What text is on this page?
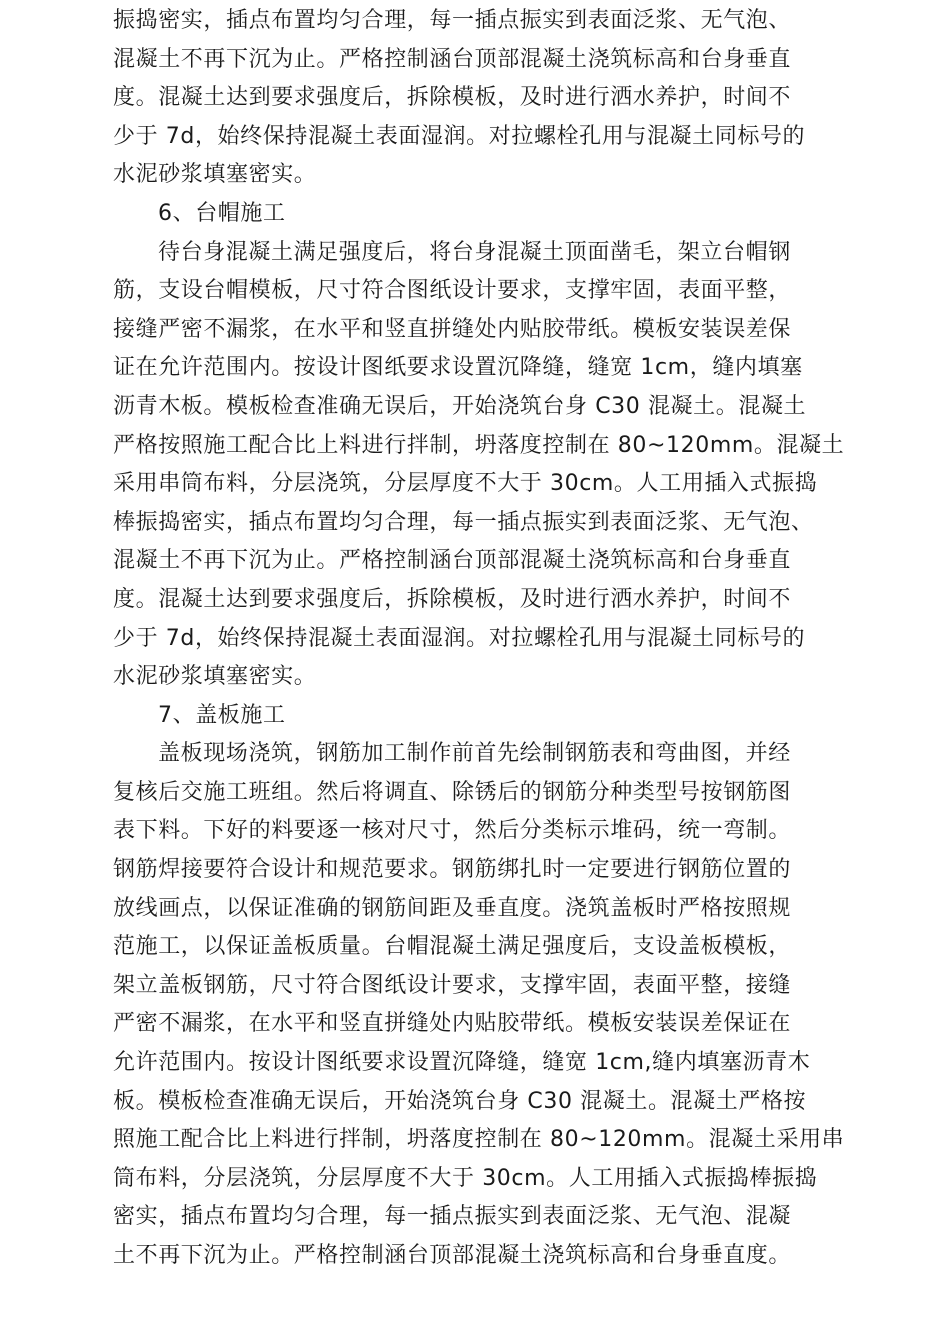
振捣密实，插点布置均匀合理，每一插点振实到表面泛浆、无气泡、
混凝土不再下沉为止。严格控制涵台顶部混凝土浇筑标高和台身垂直
度。混凝土达到要求强度后，拆除模板，及时进行洒水养护，时间不
少于 7d，始终保持混凝土表面湿润。对拉螺栓孔用与混凝土同标号的
水泥砂浆填塞密实。
6、台帽施工
待台身混凝土满足强度后，将台身混凝土顶面凿毛，架立台帽钢
筋，支设台帽模板，尺寸符合图纸设计要求，支撑牢固，表面平整，
接缝严密不漏浆，在水平和竖直拼缝处内贴胶带纸。模板安装误差保
证在允许范围内。按设计图纸要求设置沉降缝，缝宽 1cm，缝内填塞
沥青木板。模板检查准确无误后，开始浇筑台身 C30 混凝土。混凝土
严格按照施工配合比上料进行拌制，坍落度控制在 80~120mm。混凝土
采用串筒布料，分层浇筑，分层厚度不大于 30cm。人工用插入式振捣
棒振捣密实，插点布置均匀合理，每一插点振实到表面泛浆、无气泡、
混凝土不再下沉为止。严格控制涵台顶部混凝土浇筑标高和台身垂直
度。混凝土达到要求强度后，拆除模板，及时进行洒水养护，时间不
少于 7d，始终保持混凝土表面湿润。对拉螺栓孔用与混凝土同标号的
水泥砂浆填塞密实。
7、盖板施工
盖板现场浇筑，钢筋加工制作前首先绘制钢筋表和弯曲图，并经
复核后交施工班组。然后将调直、除锈后的钢筋分种类型号按钢筋图
表下料。下好的料要逐一核对尺寸，然后分类标示堆码，统一弯制。
钢筋焊接要符合设计和规范要求。钢筋绑扎时一定要进行钢筋位置的
放线画点，以保证准确的钢筋间距及垂直度。浇筑盖板时严格按照规
范施工，以保证盖板质量。台帽混凝土满足强度后，支设盖板模板，
架立盖板钢筋，尺寸符合图纸设计要求，支撑牢固，表面平整，接缝
严密不漏浆，在水平和竖直拼缝处内贴胶带纸。模板安装误差保证在
允许范围内。按设计图纸要求设置沉降缝，缝宽 1cm,缝内填塞沥青木
板。模板检查准确无误后，开始浇筑台身 C30 混凝土。混凝土严格按
照施工配合比上料进行拌制，坍落度控制在 80~120mm。混凝土采用串
筒布料，分层浇筑，分层厚度不大于 30cm。人工用插入式振捣棒振捣
密实，插点布置均匀合理，每一插点振实到表面泛浆、无气泡、混凝
土不再下沉为止。严格控制涵台顶部混凝土浇筑标高和台身垂直度。
